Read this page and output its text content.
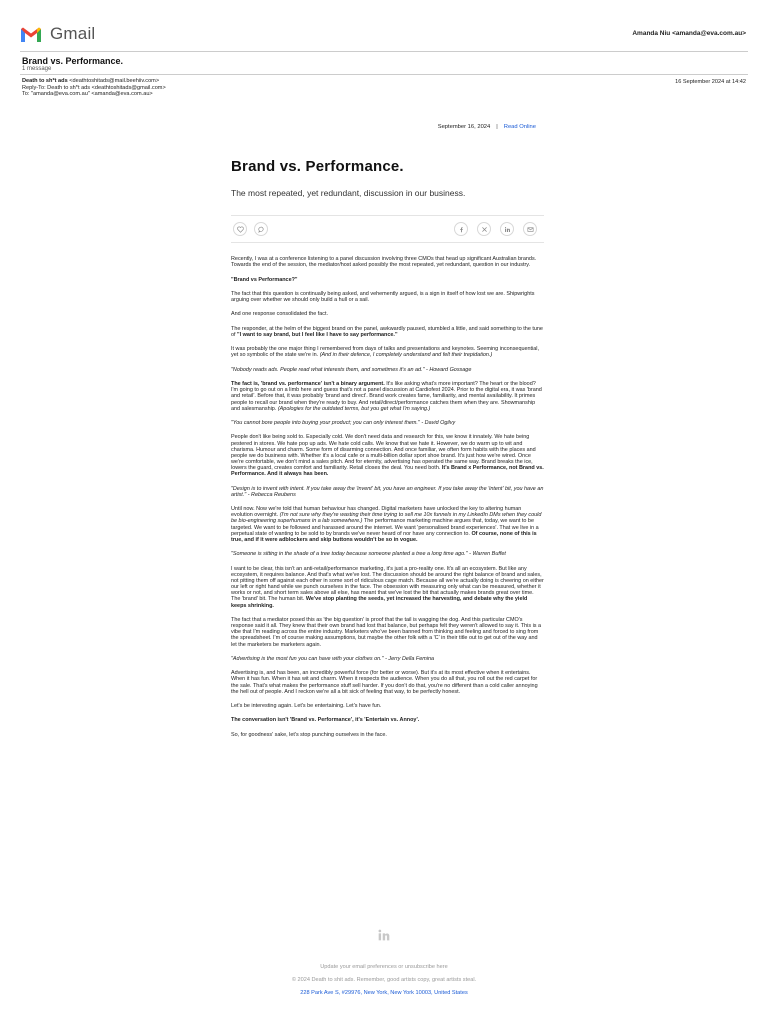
Gmail	Amanda Niu <amanda@eva.com.au>
Brand vs. Performance.
1 message
Death to sh*t ads <deathtoshitads@mail.beehiiv.com>
Reply-To: Death to sh*t ads <deathtoshitads@gmail.com>
To: "amanda@eva.com.au" <amanda@eva.com.au>
16 September 2024 at 14:42
September 16, 2024 | Read Online
Brand vs. Performance.
The most repeated, yet redundant, discussion in our business.

Recently, I was at a conference listening to a panel discussion involving three CMOs that head up significant Australian brands. Towards the end of the session, the mediator/host asked possibly the most repeated, yet redundant, question in our industry.

"Brand vs Performance?"

The fact that this question is continually being asked, and vehemently argued, is a sign in itself of how lost we are. Shipwrights arguing over whether we should only build a hull or a sail.

And one response consolidated the fact.

The responder, at the helm of the biggest brand on the panel, awkwardly paused, stumbled a little, and said something to the tune of "I want to say brand, but I feel like I have to say performance."

It was probably the one major thing I remembered from days of talks and presentations and keynotes. Seeming inconsequential, yet so symbolic of the state we're in. (And in their defence, I completely understand and felt their trepidation.)

"Nobody reads ads. People read what interests them, and sometimes it's an ad." - Howard Gossage

The fact is, 'brand vs. performance' isn't a binary argument. It's like asking what's more important? The heart or the blood? I'm going to go out on a limb here and guess that's not a panel discussion at Cardiofest 2024. Prior to the digital era, it was 'brand and retail'. Before that, it was probably 'brand and direct'. Brand work creates fame, familiarity, and mental availability. It primes people to recall our brand when they're ready to buy. And retail/direct/performance catches them when they are. Showmanship and salesmanship. (Apologies for the outdated terms, but you get what I'm saying.)

"You cannot bore people into buying your product; you can only interest them." - David Ogilvy

People don't like being sold to. Especially cold. We don't need data and research for this, we know it innately. We hate being pestered in stores. We hate pop up ads. We hate cold calls. We know that we hate it. However, we do warm up to wit and charisma. Humour and charm. Some form of disarming connection. And once familiar, we often form habits with the places and people we do business with. Whether it's a local cafe or a multi-billion dollar sport shoe brand. It's just how we're wired. Once we're comfortable, we don't mind a sales pitch. And for eternity, advertising has operated the same way. Brand breaks the ice, lowers the guard, creates comfort and familiarity. Retail closes the deal. You need both. It's Brand x Performance, not Brand vs. Performance. And it always has been.

"Design is to invent with intent. If you take away the 'invent' bit, you have an engineer. If you take away the 'intent' bit, you have an artist." - Rebecca Reubens

Until now. Now we're told that human behaviour has changed. Digital marketers have unlocked the key to altering human evolution overnight. (I'm not sure why they're wasting their time trying to sell me 10x funnels in my LinkedIn DMs when they could be bio-engineering superhumans in a lab somewhere.) The performance marketing machine argues that, today, we want to be targeted. We want to be followed and harassed around the internet. We want 'personalised brand experiences'. That we live in a perpetual state of wanting to be sold to by brands we've never heard of nor have any connection to. Of course, none of this is true, and if it were adblockers and skip buttons wouldn't be so in vogue.

"Someone is sitting in the shade of a tree today because someone planted a tree a long time ago." - Warren Buffet

I want to be clear, this isn't an anti-retail/performance marketing, it's just a pro-reality one. It's all an ecosystem. But like any ecosystem, it requires balance. And that's what we've lost. The discussion should be around the right balance of brand and sales, not pitting them off against each other in some sort of ridiculous cage match. Because all we're actually doing is cheering on either our left or right hand while we punch ourselves in the face. The obsession with measuring only what can be measured, whether it works or not, and short term sales above all else, has meant that we've lost the bit that actually makes brands great over time. The 'brand' bit. The human bit. We've stop planting the seeds, yet increased the harvesting, and debate why the yield keeps shrinking.

The fact that a mediator posed this as 'the big question' is proof that the tail is wagging the dog. And this particular CMO's response said it all. They knew that their own brand had lost that balance, but perhaps felt they weren't allowed to say it. This is a vibe that I'm reading across the entire industry. Marketers who've been banned from thinking and feeling and forced to sing from the spreadsheet. I'm of course making assumptions, but maybe the other folk with a 'C' in their title out to get out of the way and let the marketers be marketers again.

"Advertising is the most fun you can have with your clothes on." - Jerry Della Femina

Advertising is, and has been, an incredibly powerful force (for better or worse). But it's at its most effective when it entertains. When it has fun. When it has wit and charm. When it respects the audience. When you do all that, you roll out the red carpet for the sale. That's what makes the performance stuff sell harder. If you don't do that, you're no different than a cold caller annoying the hell out of people. And I reckon we're all a bit sick of feeling that way, to be perfectly honest.

Let's be interesting again. Let's be entertaining. Let's have fun.

The conversation isn't 'Brand vs. Performance', it's 'Entertain vs. Annoy'.

So, for goodness' sake, let's stop punching ourselves in the face.

Update your email preferences or unsubscribe here
© 2024 Death to shit ads. Remember, good artists copy, great artists steal.
228 Park Ave S, #29976, New York, New York 10003, United States
